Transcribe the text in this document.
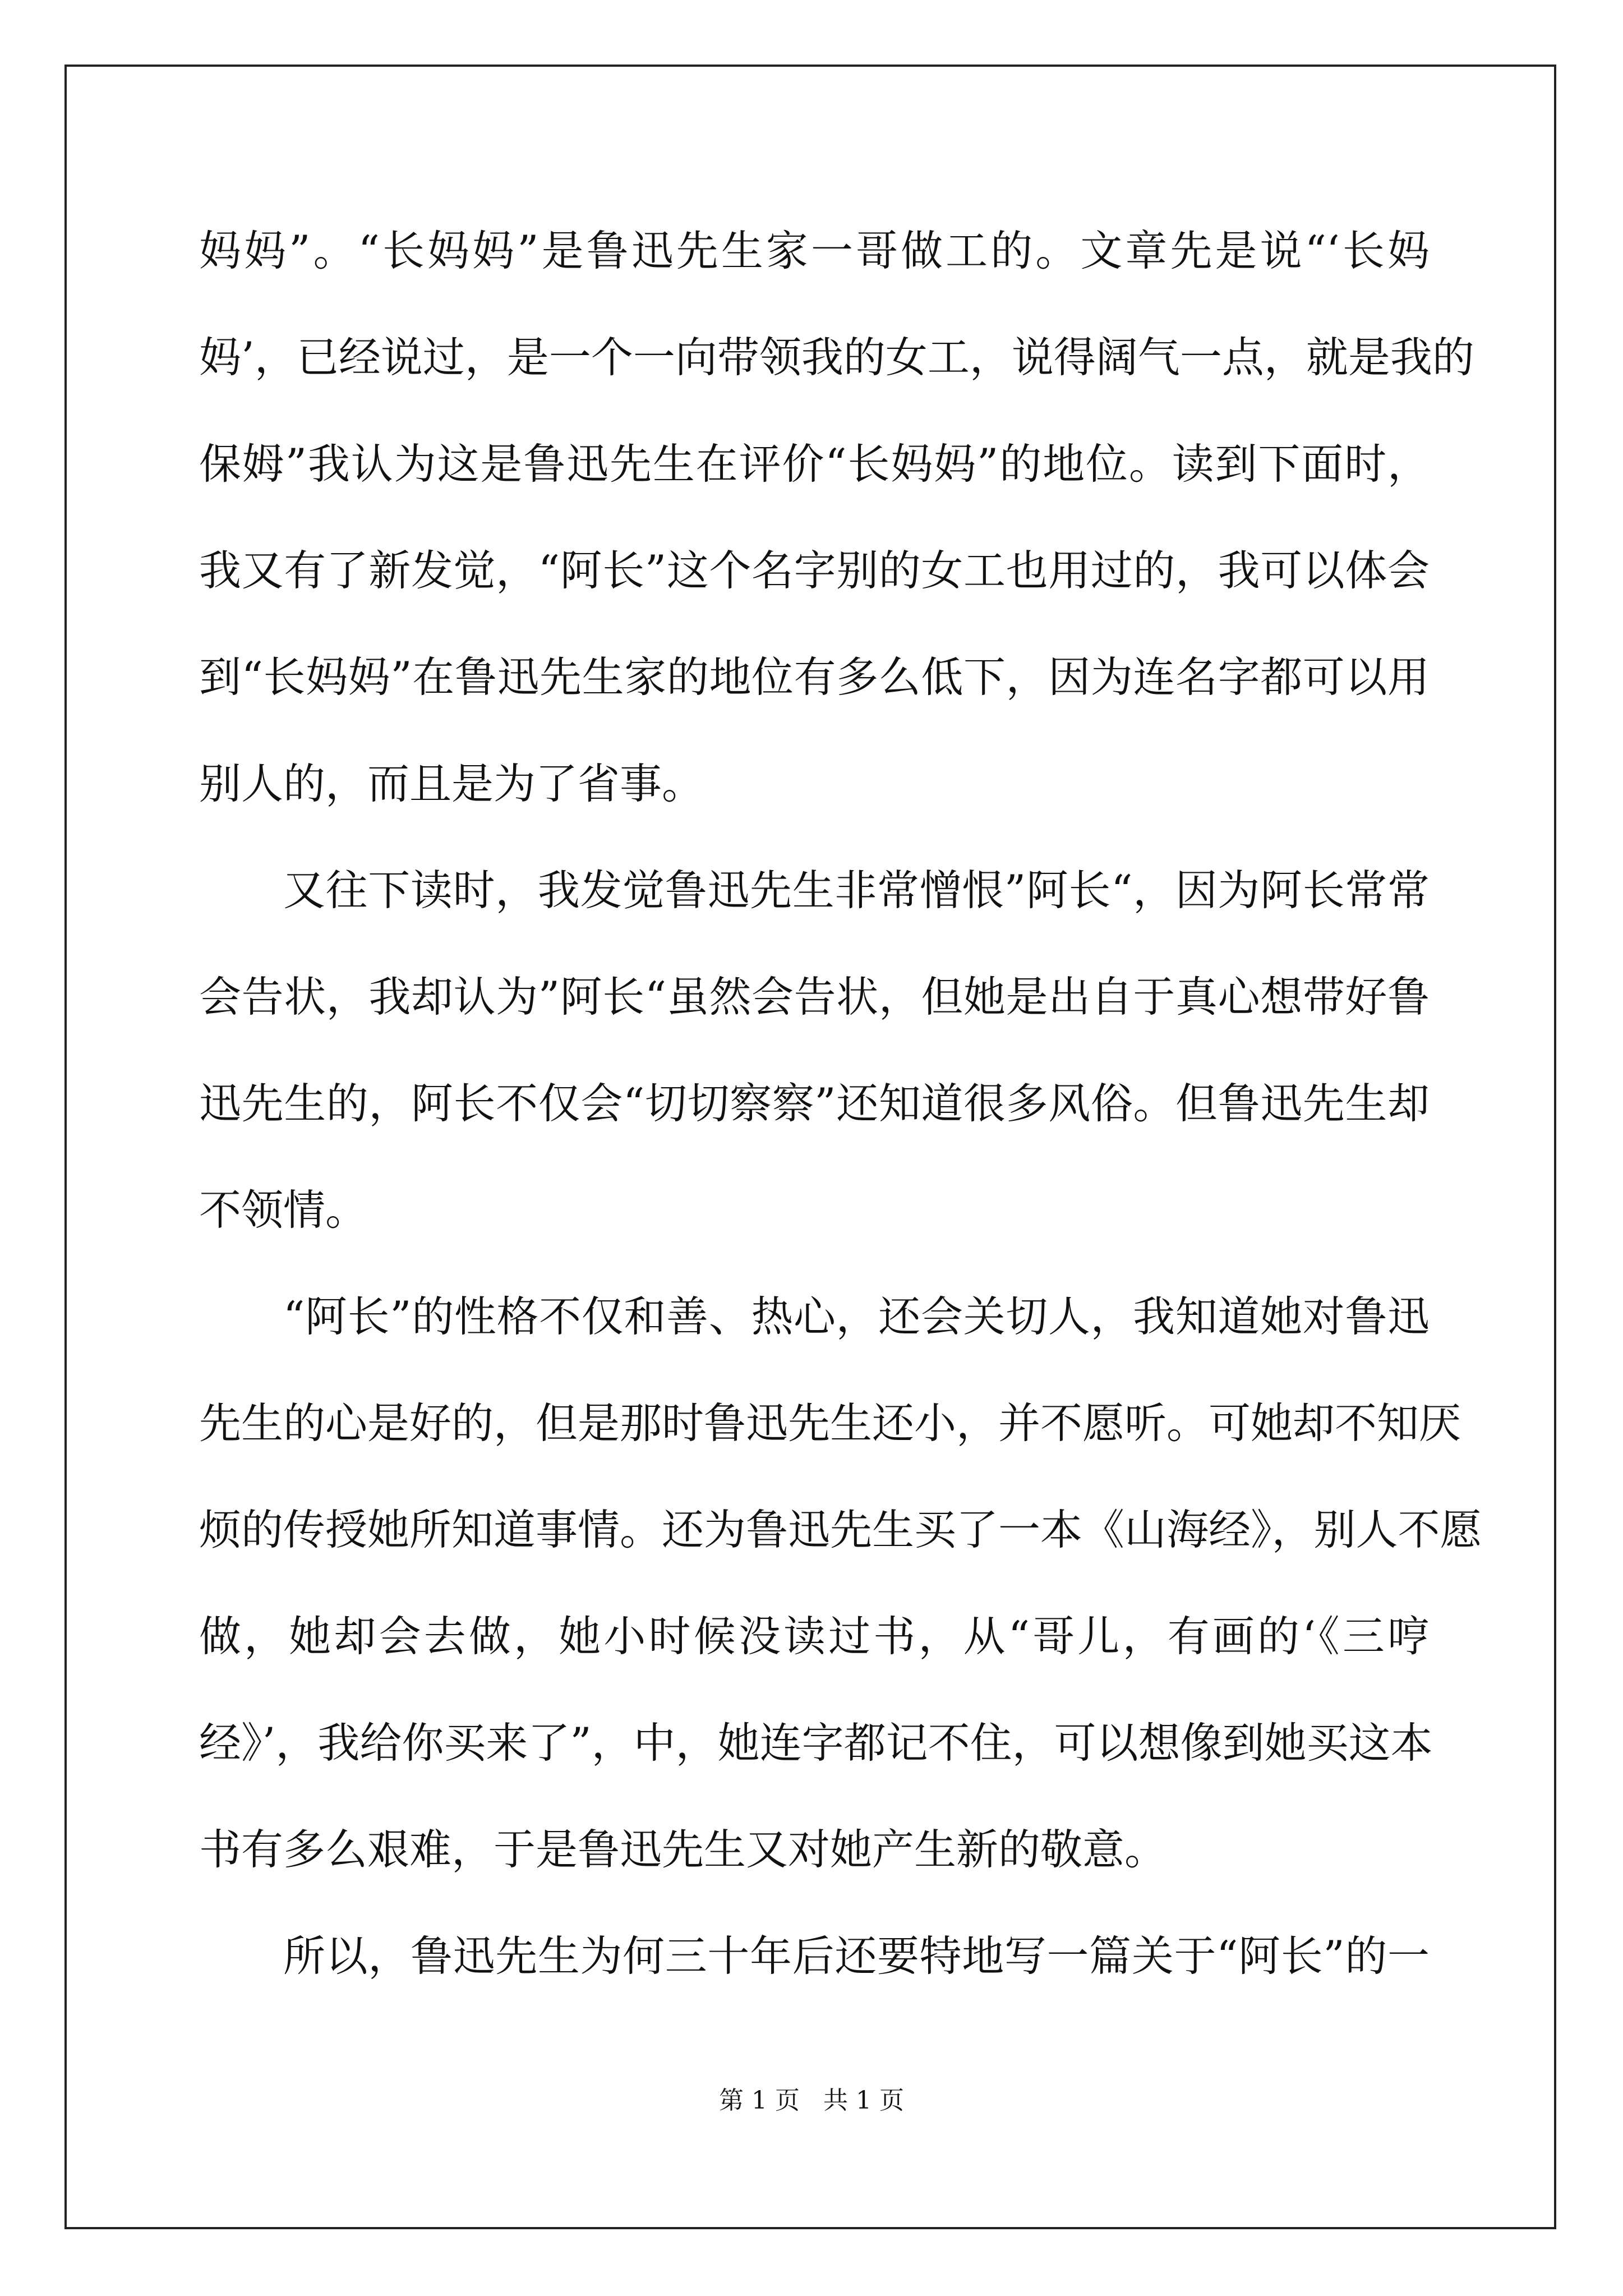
妈妈”。“长妈妈”是鲁迅先生家一哥做工的。文章先是说“‘长妈

妈’，已经说过，是一个一向带领我的女工，说得阔气一点，就是我的

保姆”我认为这是鲁迅先生在评价“长妈妈”的地位。读到下面时，

我又有了新发觉，“阿长”这个名字别的女工也用过的，我可以体会

到“长妈妈”在鲁迅先生家的地位有多么低下，因为连名字都可以用

别人的，而且是为了省事。

又往下读时，我发觉鲁迅先生非常憎恨”阿长“，因为阿长常常

会告状，我却认为”阿长“虽然会告状，但她是出自于真心想带好鲁

迅先生的，阿长不仅会“切切察察”还知道很多风俗。但鲁迅先生却

不领情。

“阿长”的性格不仅和善、热心，还会关切人，我知道她对鲁迅

先生的心是好的，但是那时鲁迅先生还小，并不愿听。可她却不知厌

烦的传授她所知道事情。还为鲁迅先生买了一本《山海经》，别人不愿

做，她却会去做，她小时候没读过书，从“哥儿，有画的‘《三哼

经》’，我给你买来了”，中，她连字都记不住，可以想像到她买这本

书有多么艰难，于是鲁迅先生又对她产生新的敬意。

所以，鲁迅先生为何三十年后还要特地写一篇关于“阿长”的一

第 1 页   共 1 页
